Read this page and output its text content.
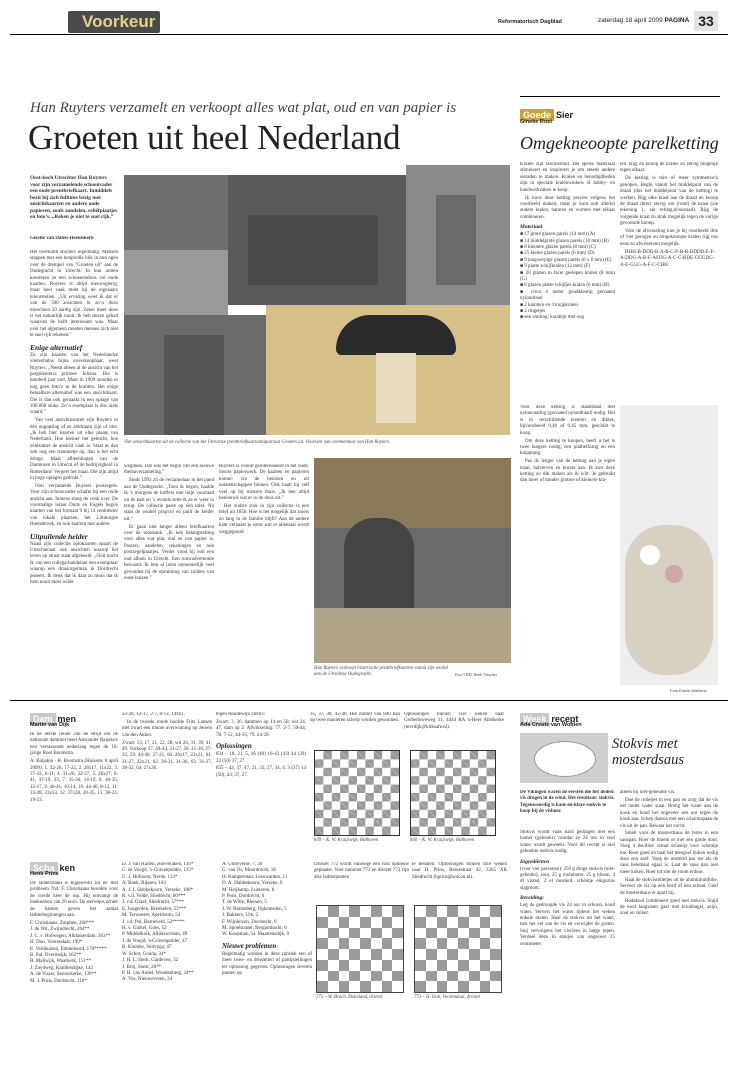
Voorkeur	Reformatorisch Dagblad	zaterdag 18 april 2009 PAGINA 33
Han Ruyters verzamelt en verkoopt alles wat plat, oud en van papier is
Groeten uit heel Nederland
Oost-koch Utrechter Han Ruyters voor zijn verzamelende schoonvader een oude prentbriefkaart. Inmiddels bezit hij zich fulltime bezig met ansichtkaarten en andere oude papieren, zoals aandelen, reliëfplaatjes en foto’s. „Reken je niet te snel rijk.”
Gisette van Dalen-Heemskerk

Het overkomt Ruyters regelmatig. Mensen stappen met een hoopvolle blik in hun ogen over de drempel van "Groeten uit" aan de Oudegracht in Utrecht. In hun armen koesteren ze een schoenendoos vol oude kaarten. Ruyters is altijd nieuwsgierig, maar heel vaak moet hij de eigenaars teleurstellen. „Uit ervaring weet ik dat er van de 500 ansichten in zo’n doos misschien 50 aardig zijn. Zeker meer doos is het natuurlijk nooit. Ik heb dozen gehad waarvan de helft interessant was. Maar over het algemeen moeten mensen zich niet te snel rijk rekenen.”

Enige alternatief

Zo zijn kaarten van het Nederlandse voetenbalns bijna onverkoopbaar, weet Ruyters. „Neem alleen al de ansicht van het pergolenterra primeer Juliana. Die is honderd jaar oud. Maar in 1909 stonden er nog geen foto’s in de kranten. Het enige betaalbare alternatief was een ansichtkaart. Die is dan ook gemaakt in een oplage van 100.000 stuks. Zo’n exemplaar is dus niets waard.”

Van veel ansichtkaarten zijn Ruyters in één oogopslag of ze zeldzaam zijn of niet. „Ik heb hier kaarten uit elke plaats van Nederland. Hoe kleiner het gehucht, hoe zeldzamer de ansicht vaak is. Staat er dan ook nog een trammetje op, dan is het echt dringe. Maar afbeeldingen van de Domtoren in Utrecht of de bedrijvigheid in Rotterdam! Vergeet het maar. Die zijn altijd in hoge oplagen gedrukt.”

Ooit verzamelde Ruyters postzegels. Voor zijn schoonvader schafte hij een oude ansicht aan. Inmens sloeg de vonk over. De voormalige leraar Duits en Engels begon kaarten van het formaat 9 bij 14 centimeter van lokale plaatsen, het Limburgse Hoensbroek, en ook kaarten met andere.

Uitpuilende helder

Naast zijn collectie oplokaarten spaart de Utrechtenaar ook ansichten waarop het leven op straat staat afgebeeld. „Ooit kocht ik van een collega-handelaar een exemplaar waarop een draaiorgelman in Dordrecht poseert. Ik denk dat ik daar zo mooi dat ik hem nooit meer wilde

Vier ansichtkaarten uit de collectie van het Utrechtse prentbriefkaartantiquariaat Groeten uit. Voorzien van commentaar van Han Ruyters.

wegdoen. Dat was het begin van een nieuwe themaverzameling.”

Sinds 1993 zit de verzamelaar in het pand aan de Oudegracht. „Toen ik begon, haalde ik ’s morgens de koffers met mijn voorraad uit de kast en ’s avonds zette ik ze er weer in terug. De collectie paste op één tafel. Nu staat de winkel propvol en puilt de kelder uit.”

Er gaan niet langer alleen briefkaarten over de toonbank. „Ik heb belangstelling voor alles wat plat, oud en van papier is. Posters, aandelen, rekeningen en ook postzegelplaatjes. Verder vond hij ooit een oud album in Utrecht. Een rouwadvertentie bewaard. Ik ben al jaren onnoemelijk veel gevonden bij de opruiming van zolders van oude huizen.”

Ruyters is vooral geïnteresseerd in het oude, mooie papierwerk. De kaarten en papieren komen via de beurzen en uit nalatenschappen binnen. Ook haalt hij zelf veel op bij mensen thuis. „Ik ben altijd benieuwd wat er in de doos zit.”

Het oudste stuk in zijn collectie is een brief uit 1850. Hoe is het mogelijk dat zoiets zo lang in de familie blijft? Aan de andere kant verbaast je soms wat er allemaal wordt weggegooid.

Han Ruyters verkoopt historische prentbriefkaarten vanuit zijn winkel aan de Utrechtse Oudegracht.	Foto’s RD, Henk Visscher
Goede Sier
Gineke Roet
Omgekneoopte parelketting

Kralen zijn fascinerend. Het spelse materiaal stimuleert en inspireert je om steeds andere sieraden te maken. Kralen en benodigdheden zijn in speciale kralenwinkels of hobby- en handwerkzaken te koop.

Ik koos deze ketting precies volgens het voorbeeld maken, maar je kunt ook allerlei andere kralen, naturen en vormen met elkaar combineren.

Materiaal

■ 17 grote glazen parels (14 mm) (A)
■ 14 middelgrote glazen parels (10 mm) (B)
■ 8 kleinere glazen parels (8 mm) (C)
■ 25 kleine glazen parels (6 mm) (D)
■ 9 langwerpige glazen parels (6 x 8 mm) (E)
■ 9 platte schijfkralen (12 mm) (F)
■ 20 glazen in facet geslepen kralen (8 mm) (G)
■ 8 glazen platte schijfjes kralen (6 mm) (H)
■ circa 4 meter goudkleurig gecoated nylondraad
■ 2 kalotten en 4 knijpkralen
■ 2 ringetjes
■ een sluiting; karabijn met oog

len. Rijg en knoop de kralen zo stevig mogelijk tegen elkaar.

De ketting is min of meer symmetrisch genopen. Begin vanuit het middelpunt van de draad (dus het middelpunt van de ketting) te werken. Rijg elke kraal aan de draad en knoop de draad direct stevig om (rond) de kraal (zie tekening 1, zie refdag.nl/sieraad). Rijg de volgende kraal zo strak mogelijk tegen de vorige gevormde knoop.

Voor de afwisseling kun je bij voorbeeld drie of vier gerogen en omgeknoopte kralen rijg ons eens zo afwisselend mogelijk.

HHH-B-DDD-B-A-B-C-F-B-B-DDDD-E-F-A-DDG-A-B-F-AFDG-A-C-C-BDE-GGGDG-A-E-GGG-A-F-C-CHH.

Voor deze ketting is staaldraad met nyloncoating (gecoated nylondraad) nodig. Het is in verschillende kleuren en diktes, bijvoorbeeld 0,40 of 0,45 mm, geschikt te koop.

Om deze ketting te knopen, heeft u het is twee langere nodig; een plathelfzang en een knipptang.

Pas de lengte van de ketting aan je eigen maat, halverven en kurzer aan. Ik kort deze ketting zo dik maken als ik wilt. Je gebruikt dan meer of minder grotere of kleinere kra-

Foto Edwin Wiekens
Dam men
Martin van Dijk

In de eerste ronde van de strijd om de nationale damtitel heed Alexander Baljakov een verrassende nederlaag tegen de 16-jarige Roel Boomstra.

A. Baljakin - R. Boomstra (Huissen, 8 april 2009): 1. 32-28, 17-22, 2. 28x17, 11x22, 3. 37-32, 6-11, 4. 31-26, 22-27, 5. 26x27, 6-41, 37-19, 23, 7. 35-36, 14-19, 8. 40-35, 12-17, 9. 46-41, 10-14, 10. 44-40, 8-12, 11. 33-28, 23x33, 12. 37x28, 20-25, 13. 38-33, 19-23.

22-28, 12-17, 2-7, 8-12, 14x61.

In de tweede ronde hoofde Frits Lansen met zwart een mooie overwinning op Jeroen van den Akker.

Zwart: 13, 17, 21, 22, 28; wit 26, 31, 39, 41, 49. Vorkoop 37, 49-44, 21-27, 58. 41-36, 27-32, 59. 44-40, 37-21, 60. 26x17, 22x31, 61. 31-27, 32x21, 62. 36-31, 31-36, 63. 31-27, 28-32, 64. 27x36.

tegen Boudewijn Derkx:

Zwart: 3, 36, dammen op 14 en 50; wit 24, 47, dam op 2. Afwikkeling: 77. 2-7, 50-44, 78. 7-12, 44-35, 79. 24-20.

Oplossingen

834 – 18, 21, 5, 16 (40) 16-43 (43) 44 (39) 33 (50) 37, 27.

835 – 42, 37, 47, 21, 32, 27, 34, 4, 3 (37) 14 (50), 43, 37, 27.

35, 37, 38, 42-46. Het motief van 840 kan op twee manieren scherp worden gewonnen.

Oplossingen binnen vier weken naar Gerbertsweweg 31, 4444 RA 's-Heer Abtskerke (mvrdijk@kliksafe.nl).

839 – K. W. Kruijswijk, Bilthoven	840 – K. W. Kruijswijk, Bilthoven
Scha ken
Henk Prins

De ladderstand is bijgewerkt tot en met probleem 764. F. Christiaans bereikte voor de vierde keer de top. Hij ontvangt de boekenbon van 20 euro. De sterretjes achter de namen geven het aantal ladderbeginnngen aan.

F. Christiaans, Zutphen, 266***
J. de Wit, Zwijndrecht, 264**
J. C. v. Hofwegen, Alblasserdam, 263**
H. Don, Voorendaal, 199*
E. Veldhuizen, Emmeloord, 170*****
B. Pal, Overmeijk, 162**
B. Maliwijk, Waarkerk, 151**
J. Zuydweg, Krabbendijke, 142
A. de Visser, Serooskerke, 130**
M. J. Prins, Dordrecht, 116*

D. J. van Harten, Hoevelaken, 116*
C. de Voogd, 's-Gravenpolder, 115*
G. J. Hillhorst, Nerde, 113*
A. Bank, Rijssen, 103
A. J. J. Slabbekoorn, Yerseke, 100*
R. v.d. Velde, Sliedrecht, 60***
J. v.d. Graaf, Sliedrecht, 57***
E. Jongerden, Breukelen, 55***
M. Terwoerer, Apeldoorn, 54
J. v.d. Pol, Barneveld, 52*****
H. v. Ginkel, Goes, 52
P. Middelkolk, Alblasserdam, 49
J. de Voogd, 's-Gravenpolder, 47
B. Knobbe, Veltvoga, 47
W. Schot, Gouda, 34*
J. H. L. Sterk, Gardeven, 32
J. Broj, Soest, 26**
P. H. van Andel, Woudenberg, 24**
A. Vos, Nieuwerveen, 24

A. Uitbeyerse, 7, 20
G. van Os, Moordrecht, 18
H. Kamperman, Leeuwarden, 11
D. A. Slabbekoorn, Yerseke, 9
M. Heijkamp, Lunteren, 6
P. Pons, Dordrecht, 6
T. de Witte, Rhenen, 5
J. W. Ruitenberg, Ophemsden, 5
J. Bakkers, Urk, 2
F. Wijnhoven, Dordrecht, 0
M. Spoelstrater, Bergambacht, 0
W. Koopman, St. Maartensdijk, 0

Nieuwe problemen

Regelmatig worden in deze rubriek een of meer twee- en driezetten of partijstellingen ter oplossing gegeven. Oplossingen leveren punten op.

Driezet 772 wordt vanwege een fout opnieuw geplaatst. Voor nummer 772 en driezet 773 zijn drie ladderpunten

te behalen. Oplossingen binnen drie weken naar H. Prins, Reinestraat 42, 3365 XR Sliedrecht (hprins@solcon.nl).

772 – W. Bruch, Duitsland, driezet	773 – H. Don, Voorendaal, driezet
Week recept
Ada Creutz-van Wolden
Stokvis met mosterdsaus
De Vikingen waren de eersten die het deden: vis drogen in de wind. Het resultaat: stokvis. Tegenwoordig is kant-en-klare stokvis te koop bij de visboer.

Stokvis wordt vaak hard gedragen met een hamer (gebookt) voordat ze 24 uur in veel water wordt geweekt. Voor dit recept is niet geboukte stokvis nodig.

Ingrediënten

(voor vier personen): 250 g droge stokvis (niet-gebeukt), zout, 25 g roomboter, 25 g bloem, 4 dl vistad, 2 el mosterd, scheutje enigszins slagroom.

Bereiding:

Leg de gedroogde vis 24 uur in schoon, koud water. Ververs het water tijdens het weken enkele malen. Haal de stokvis uit het water, trek het vel van de vis en verwijder de graten. Snij vervolgens het visvlees in lange repen. Verdeel deze in stukjes van ongeveer 15 centimeter.

alleen bij niet-gebeukte vis.

Doe de rolletjes in een pan en zorg dat de vis net onder water staat. Breng het water aan de kook en houd het ongeveer een uur tegen de kook aan. Schep daarna met een schuimspaan de vis uit de pan. Bewaar het vocht.

Smelt voor de mosterdsaus de boter in een sauspan. Roer de bloem er met een garde door. Voeg 4 deciliter visnat scheutje voor scheutje toe. Roer goed en haal het mengsel indien nodig door een zeef. Voeg de mosterd pas toe als de saus helemaal egaal is. Laat de saus dan niet meer koken. Roer tot slot de room erdoor.

Haal de stokvisrolletjes uit de aluminiumfolie. Serveer de vis op een bord of een schaal. Geef de mosterdsaus er apart bij.

Rodekool combineert goed met stokvis. Snijd de kool langzaam gaar met kruidnagel, azijn, zout en suiker.
